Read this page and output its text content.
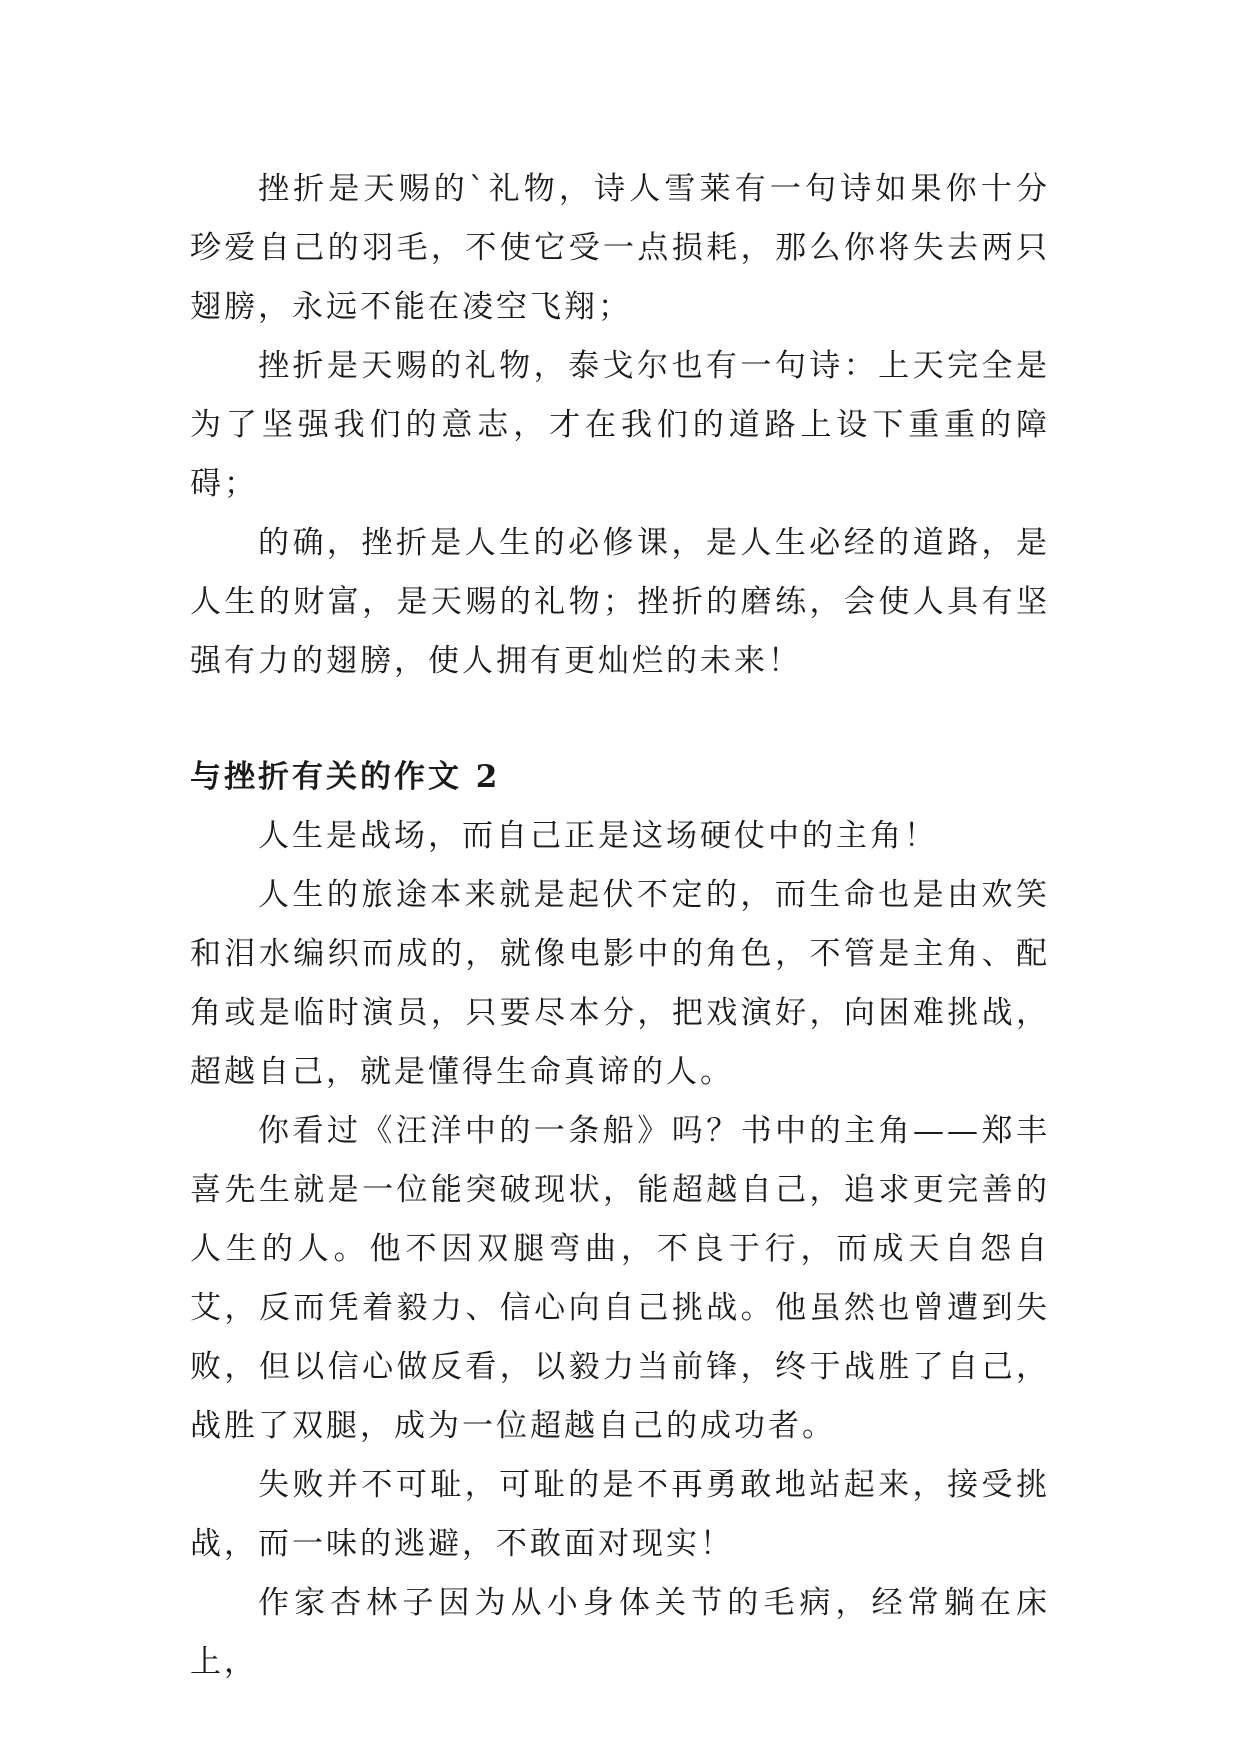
挫折是天赐的`礼物，诗人雪莱有一句诗如果你十分珍爱自己的羽毛，不使它受一点损耗，那么你将失去两只翅膀，永远不能在凌空飞翔；

挫折是天赐的礼物，泰戈尔也有一句诗：上天完全是为了坚强我们的意志，才在我们的道路上设下重重的障碍；

的确，挫折是人生的必修课，是人生必经的道路，是人生的财富，是天赐的礼物；挫折的磨练，会使人具有坚强有力的翅膀，使人拥有更灿烂的未来！

与挫折有关的作文 2

人生是战场，而自己正是这场硬仗中的主角！

人生的旅途本来就是起伏不定的，而生命也是由欢笑和泪水编织而成的，就像电影中的角色，不管是主角、配角或是临时演员，只要尽本分，把戏演好，向困难挑战，超越自己，就是懂得生命真谛的人。

你看过《汪洋中的一条船》吗？书中的主角——郑丰喜先生就是一位能突破现状，能超越自己，追求更完善的人生的人。他不因双腿弯曲，不良于行，而成天自怨自艾，反而凭着毅力、信心向自己挑战。他虽然也曾遭到失败，但以信心做反看，以毅力当前锋，终于战胜了自己，战胜了双腿，成为一位超越自己的成功者。

失败并不可耻，可耻的是不再勇敢地站起来，接受挑战，而一味的逃避，不敢面对现实！

作家杏林子因为从小身体关节的毛病，经常躺在床上，
